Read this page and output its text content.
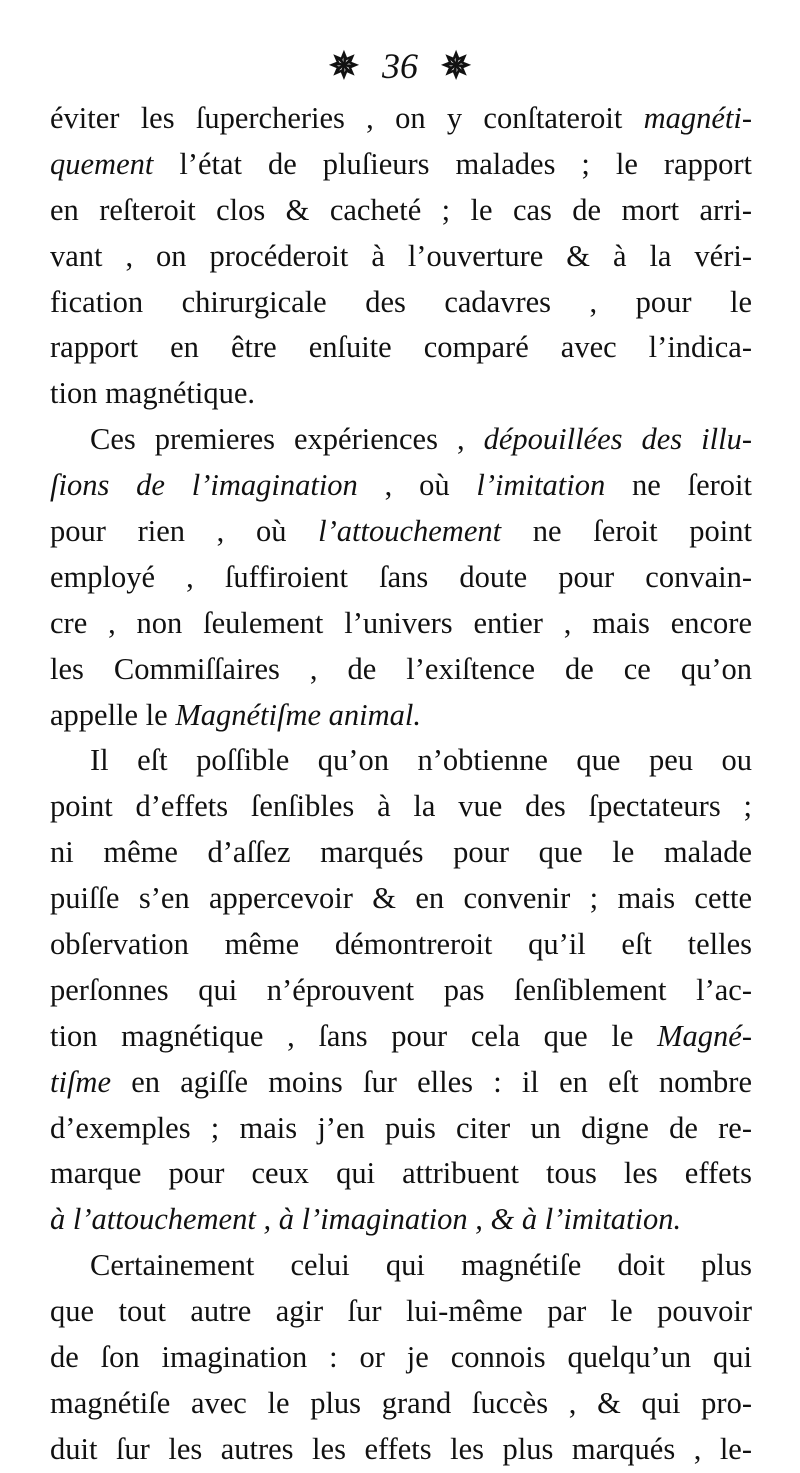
✵ 36 ✵
éviter les ſupercheries , on y conſtateroit magnéti-
quement l’état de pluſieurs malades ; le rapport
en reſteroit clos & cacheté ; le cas de mort arri-
vant , on procéderoit à l’ouverture & à la véri-
fication chirurgicale des cadavres , pour le
rapport en être enſuite comparé avec l’indica-
tion magnétique.
Ces premieres expériences , dépouillées des illu-
ſions de l’imagination , où l’imitation ne ſeroit
pour rien , où l’attouchement ne ſeroit point
employé , ſuffiroient ſans doute pour convain-
cre , non ſeulement l’univers entier , mais encore
les Commiſſaires , de l’exiſtence de ce qu’on
appelle le Magnétiſme animal.
Il eſt poſſible qu’on n’obtienne que peu ou
point d’effets ſenſibles à la vue des ſpectateurs ;
ni même d’aſſez marqués pour que le malade
puiſſe s’en appercevoir & en convenir ; mais cette
obſervation même démontreroit qu’il eſt telles
perſonnes qui n’éprouvent pas ſenſiblement l’ac-
tion magnétique , ſans pour cela que le Magné-
tiſme en agiſſe moins ſur elles : il en eſt nombre
d’exemples ; mais j’en puis citer un digne de re-
marque pour ceux qui attribuent tous les effets
à l’attouchement , à l’imagination , & à l’imitation.
Certainement celui qui magnétiſe doit plus
que tout autre agir ſur lui-même par le pouvoir
de ſon imagination : or je connois quelqu’un qui
magnétiſe avec le plus grand ſuccès , & qui pro-
duit ſur les autres les effets les plus marqués , le-
